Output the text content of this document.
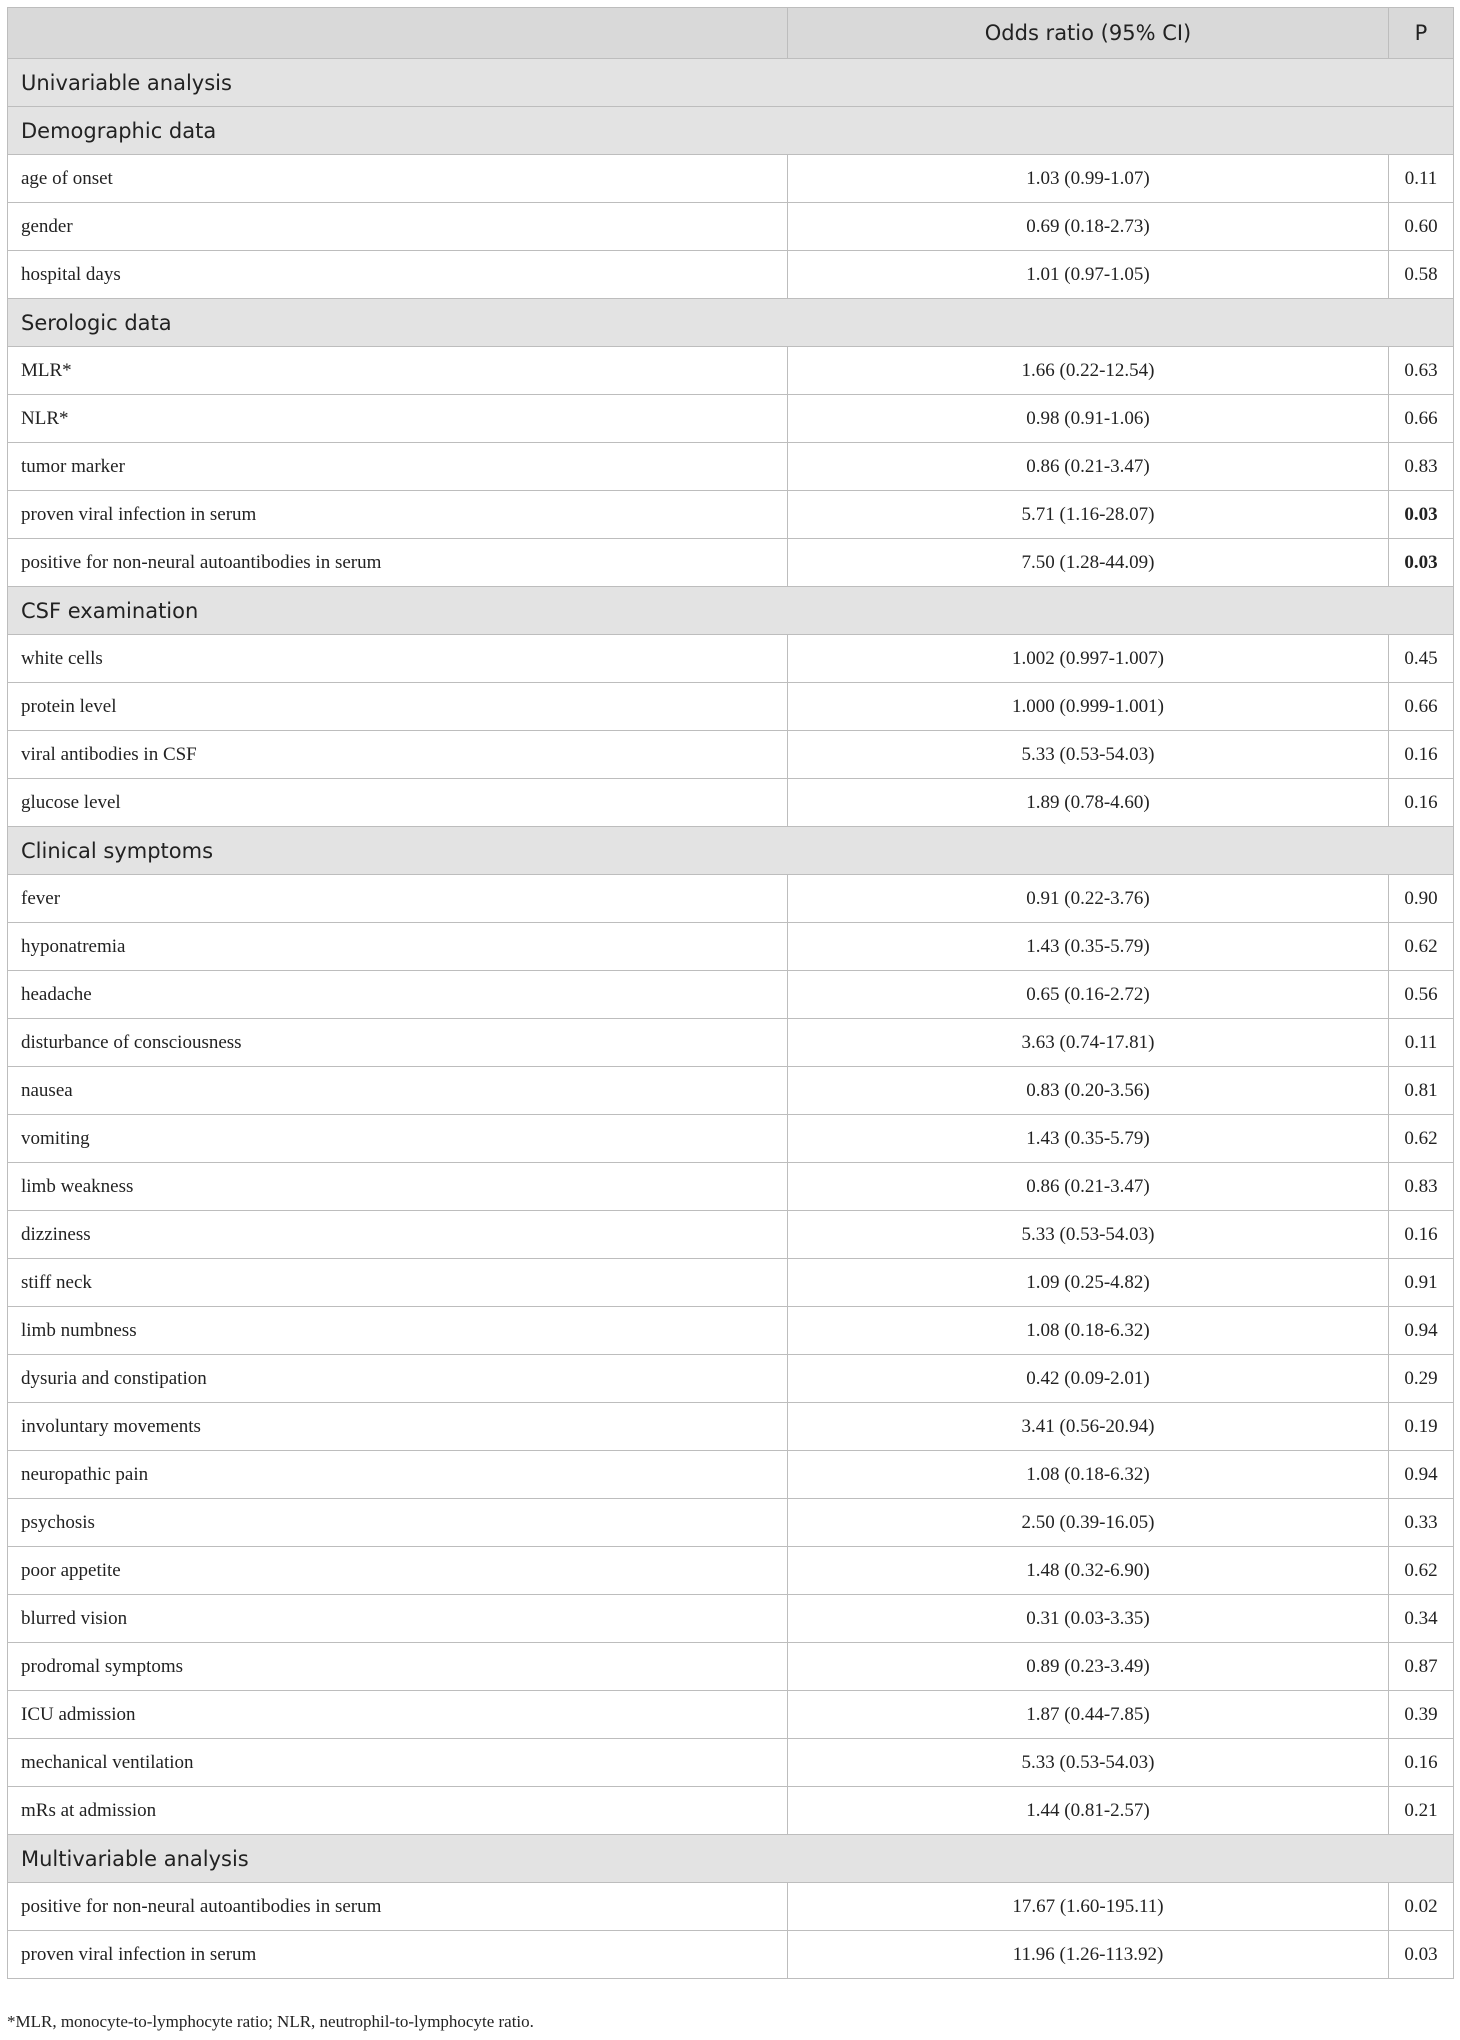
	Odds ratio (95% CI)	P
Univariable analysis		
Demographic data		
age of onset	1.03 (0.99-1.07)	0.11
gender	0.69 (0.18-2.73)	0.60
hospital days	1.01 (0.97-1.05)	0.58
Serologic data		
MLR*	1.66 (0.22-12.54)	0.63
NLR*	0.98 (0.91-1.06)	0.66
tumor marker	0.86 (0.21-3.47)	0.83
proven viral infection in serum	5.71 (1.16-28.07)	0.03
positive for non-neural autoantibodies in serum	7.50 (1.28-44.09)	0.03
CSF examination		
white cells	1.002 (0.997-1.007)	0.45
protein level	1.000 (0.999-1.001)	0.66
viral antibodies in CSF	5.33 (0.53-54.03)	0.16
glucose level	1.89 (0.78-4.60)	0.16
Clinical symptoms		
fever	0.91 (0.22-3.76)	0.90
hyponatremia	1.43 (0.35-5.79)	0.62
headache	0.65 (0.16-2.72)	0.56
disturbance of consciousness	3.63 (0.74-17.81)	0.11
nausea	0.83 (0.20-3.56)	0.81
vomiting	1.43 (0.35-5.79)	0.62
limb weakness	0.86 (0.21-3.47)	0.83
dizziness	5.33 (0.53-54.03)	0.16
stiff neck	1.09 (0.25-4.82)	0.91
limb numbness	1.08 (0.18-6.32)	0.94
dysuria and constipation	0.42 (0.09-2.01)	0.29
involuntary movements	3.41 (0.56-20.94)	0.19
neuropathic pain	1.08 (0.18-6.32)	0.94
psychosis	2.50 (0.39-16.05)	0.33
poor appetite	1.48 (0.32-6.90)	0.62
blurred vision	0.31 (0.03-3.35)	0.34
prodromal symptoms	0.89 (0.23-3.49)	0.87
ICU admission	1.87 (0.44-7.85)	0.39
mechanical ventilation	5.33 (0.53-54.03)	0.16
mRs at admission	1.44 (0.81-2.57)	0.21
Multivariable analysis		
positive for non-neural autoantibodies in serum	17.67 (1.60-195.11)	0.02
proven viral infection in serum	11.96 (1.26-113.92)	0.03
*MLR, monocyte-to-lymphocyte ratio; NLR, neutrophil-to-lymphocyte ratio.
